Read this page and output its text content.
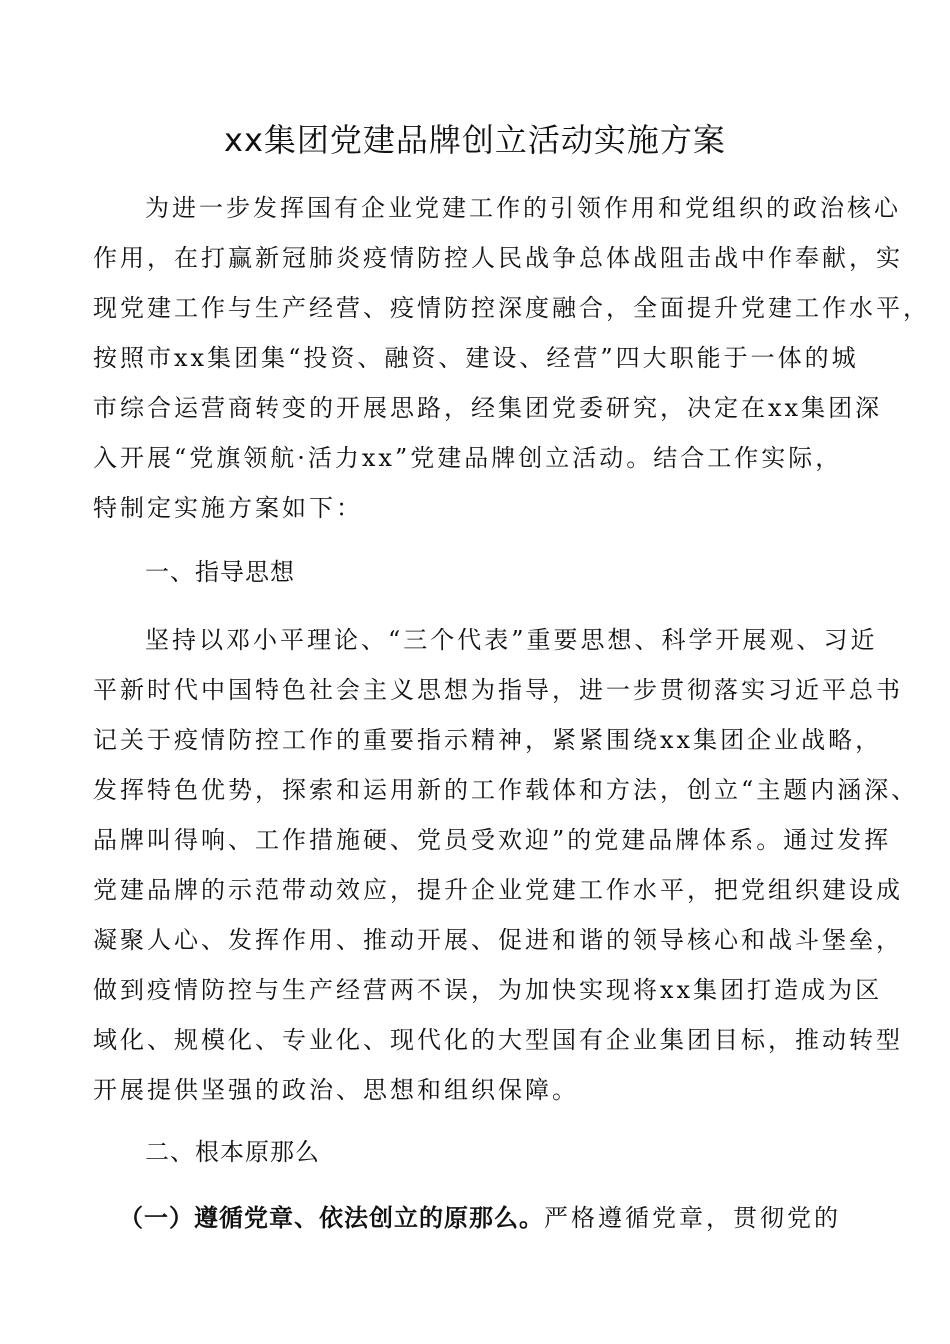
xx集团党建品牌创立活动实施方案

为进一步发挥国有企业党建工作的引领作用和党组织的政治核心

作用，在打赢新冠肺炎疫情防控人民战争总体战阻击战中作奉献，实

现党建工作与生产经营、疫情防控深度融合，全面提升党建工作水平，

按照市xx集团集“投资、融资、建设、经营”四大职能于一体的城

市综合运营商转变的开展思路，经集团党委研究，决定在xx集团深

入开展“党旗领航·活力xx”党建品牌创立活动。结合工作实际，

特制定实施方案如下：

一、指导思想

坚持以邓小平理论、“三个代表”重要思想、科学开展观、习近

平新时代中国特色社会主义思想为指导，进一步贯彻落实习近平总书

记关于疫情防控工作的重要指示精神，紧紧围绕xx集团企业战略，

发挥特色优势，探索和运用新的工作载体和方法，创立“主题内涵深、

品牌叫得响、工作措施硬、党员受欢迎”的党建品牌体系。通过发挥

党建品牌的示范带动效应，提升企业党建工作水平，把党组织建设成

凝聚人心、发挥作用、推动开展、促进和谐的领导核心和战斗堡垒，

做到疫情防控与生产经营两不误，为加快实现将xx集团打造成为区

域化、规模化、专业化、现代化的大型国有企业集团目标，推动转型

开展提供坚强的政治、思想和组织保障。

二、根本原那么

（一）遵循党章、依法创立的原那么。严格遵循党章，贯彻党的
